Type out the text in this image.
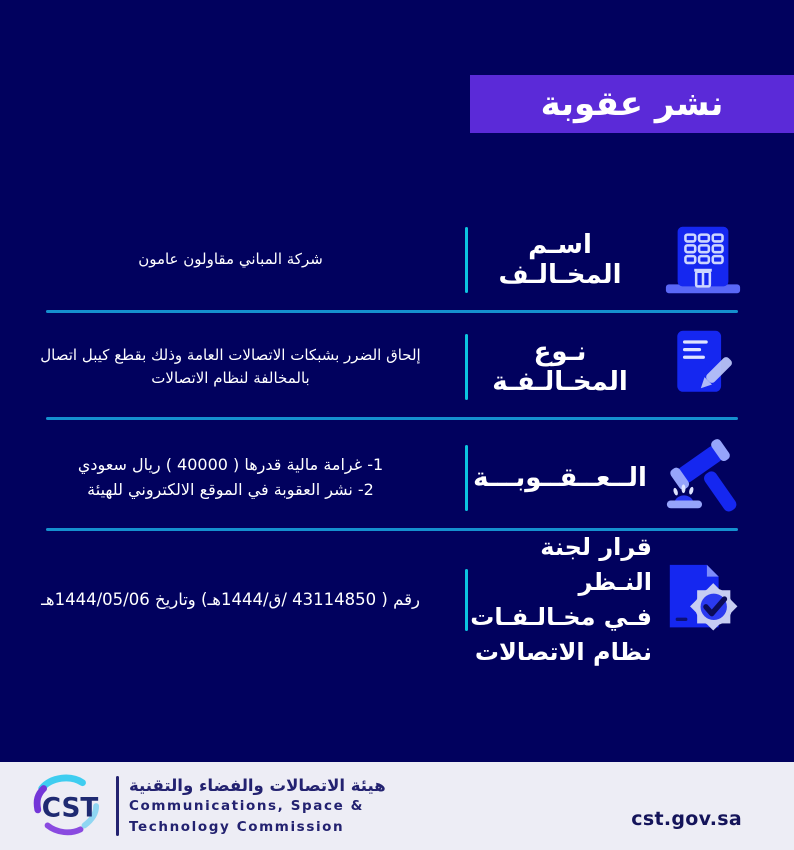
نشر عقوبة
اسـم المخـالـف
شركة المباني مقاولون عامون
نـوع المخـالـفـة
إلحاق الضرر بشبكات الاتصالات العامة وذلك بقطع كيبل اتصال بالمخالفة لنظام الاتصالات
الــعــقــوبـــة
1- غرامة مالية قدرها ( 40000 ) ريال سعودي
2- نشر العقوبة في الموقع الالكتروني للهيئة
قرار لجنة النـظر
فـي مخـالـفـات
نظام الاتصالات
رقم ( 43114850 /ق/1444هـ) وتاريخ 1444/05/06هـ
CST
هيئة الاتصالات والفضاء والتقنية
Communications, Space &
Technology Commission	cst.gov.sa
